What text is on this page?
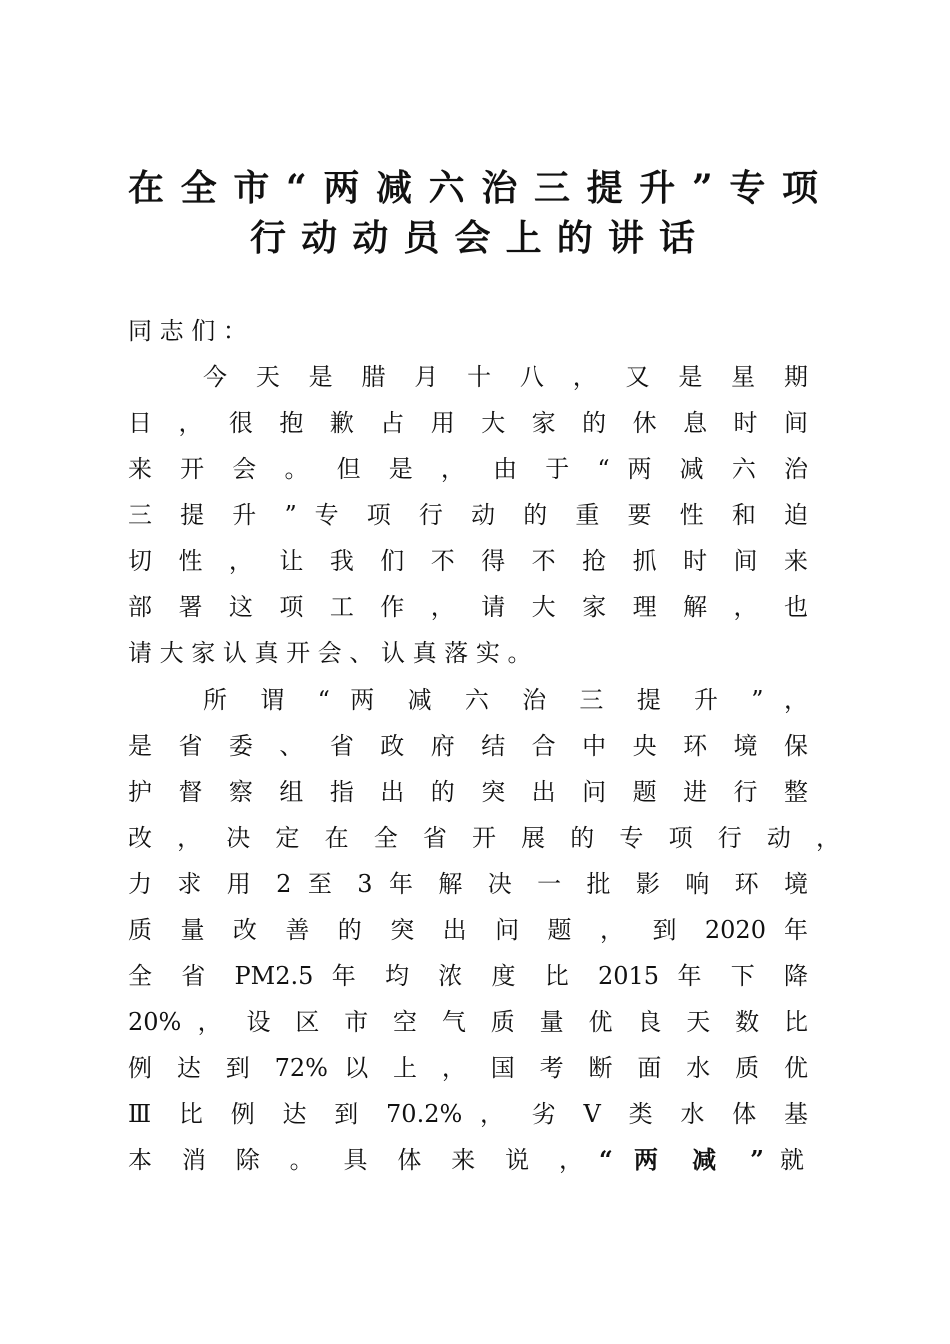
在全市“两减六治三提升”专项
行动动员会上的讲话
同 志 们 ：
今 天 是 腊 月 十 八 ， 又 是 星 期
日 ， 很 抱 歉 占 用 大 家 的 休 息 时 间
来 开 会 。 但 是 ， 由 于 “ 两 减 六 治
三 提 升 ” 专 项 行 动 的 重 要 性 和 迫
切 性 ， 让 我 们 不 得 不 抢 抓 时 间 来
部 署 这 项 工 作 ， 请 大 家 理 解 ， 也
请 大 家 认 真 开 会 、 认 真 落 实 。
所 谓 “ 两 减 六 治 三 提 升 ” ，
是 省 委 、 省 政 府 结 合 中 央 环 境 保
护 督 察 组 指 出 的 突 出 问 题 进 行 整
改 ， 决 定 在 全 省 开 展 的 专 项 行 动 ，
力 求 用 2 至 3 年 解 决 一 批 影 响 环 境
质 量 改 善 的 突 出 问 题 ， 到 2020 年
全 省 PM2.5 年 均 浓 度 比 2015 年 下 降
20% ， 设 区 市 空 气 质 量 优 良 天 数 比
例 达 到 72% 以 上 ， 国 考 断 面 水 质 优
Ⅲ 比 例 达 到 70.2% ， 劣 Ⅴ 类 水 体 基
本 消 除 。 具 体 来 说 ， “ 两 减 ” 就
